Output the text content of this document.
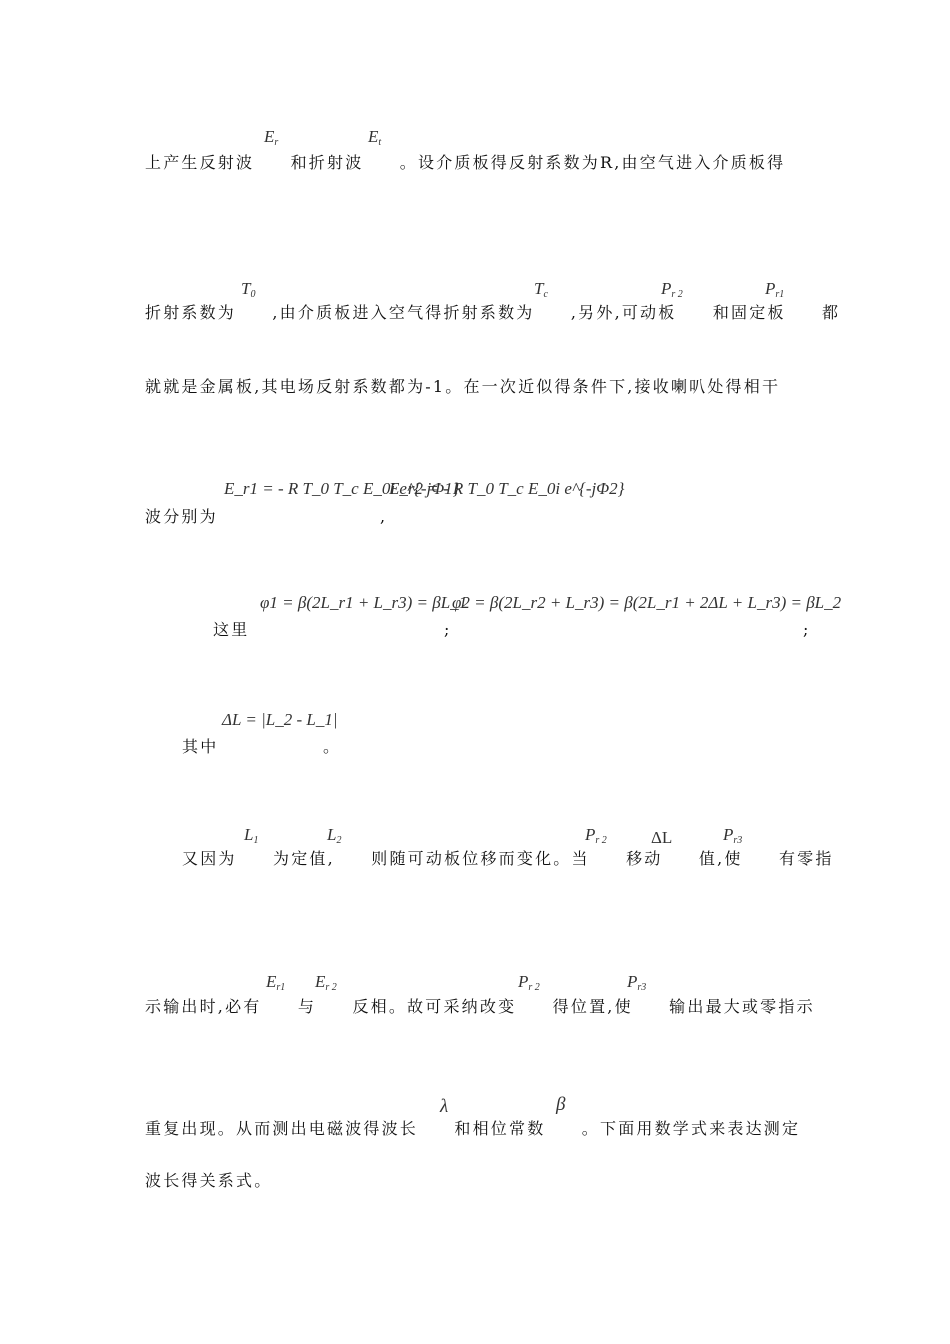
$E_r$	$E_t$
上产生反射波　　和折射波　　。设介质板得反射系数为R,由空气进入介质板得
$T_0$	$T_c$	$P_{r 2}$	$P_{r1}$
折射系数为　　,由介质板进入空气得折射系数为　　,另外,可动板　　和固定板　　都
就就是金属板,其电场反射系数都为-1。在一次近似得条件下,接收喇叭处得相干
E_r1 = - R T_0 T_c E_0i e^{-jΦ1}
E_r2 = - R T_0 T_c E_0i e^{-jΦ2}
波分别为	,
φ1 = β(2L_r1 + L_r3) = βL_1
φ2 = β(2L_r2 + L_r3) = β(2L_r1 + 2ΔL + L_r3) = βL_2
这里	;	;
ΔL = |L_2 - L_1|
其中	。
$L_1$	$L_2$	$P_{r 2}$	ΔL	$P_{r3}$
又因为　　为定值,　　则随可动板位移而变化。当　　移动　　值,使　　有零指
$E_{r1}$ $E_{r 2}$	$P_{r 2}$	$P_{r3}$
示输出时,必有　　与　　反相。故可采纳改变　　得位置,使　　输出最大或零指示
λ	β
重复出现。从而测出电磁波得波长　　和相位常数　　。下面用数学式来表达测定
波长得关系式。
